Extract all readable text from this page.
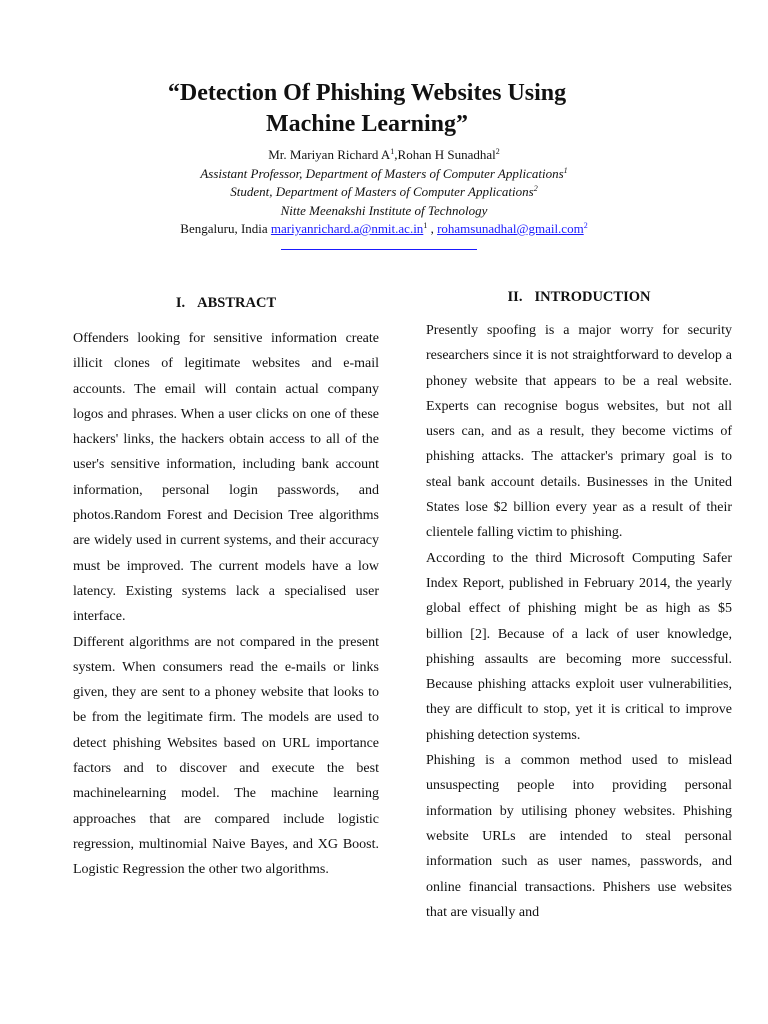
“Detection Of Phishing Websites Using
Machine Learning”
Mr. Mariyan Richard $A^1,Rohan$ H Sunadhal$^2$
Assistant Professor, Department of Masters of Computer Applications$^1$
Student, Department of Masters of Computer Applications$^2$
Nitte Meenakshi Institute of Technology
Bengaluru, India $mariyanrichard.a@nmit.ac.in^1$ , rohamsunadhal@gmail.com$^2$
I. ABSTRACT

Offenders looking for sensitive information create illicit clones of legitimate websites and e-mail accounts. The email will contain actual company logos and phrases. When a user clicks on one of these hackers' links, the hackers obtain access to all of the user's sensitive information, including bank account information, personal login passwords, and photos.Random Forest and Decision Tree algorithms are widely used in current systems, and their accuracy must be improved. The current models have a low latency. Existing systems lack a specialised user interface.

Different algorithms are not compared in the present system. When consumers read the e-mails or links given, they are sent to a phoney website that looks to be from the legitimate firm. The models are used to detect phishing Websites based on URL importance factors and to discover and execute the best machinelearning model. The machine learning approaches that are compared include logistic regression, multinomial Naive Bayes, and XG Boost. Logistic Regression the other two algorithms.

II. INTRODUCTION

Presently spoofing is a major worry for security researchers since it is not straightforward to develop a phoney website that appears to be a real website. Experts can recognise bogus websites, but not all users can, and as a result, they become victims of phishing attacks. The attacker's primary goal is to steal bank account details. Businesses in the United States lose $2 billion every year as a result of their clientele falling victim to phishing.

According to the third Microsoft Computing Safer Index Report, published in February 2014, the yearly global effect of phishing might be as high as $5 billion [2]. Because of a lack of user knowledge, phishing assaults are becoming more successful. Because phishing attacks exploit user vulnerabilities, they are difficult to stop, yet it is critical to improve phishing detection systems.

Phishing is a common method used to mislead unsuspecting people into providing personal information by utilising phoney websites. Phishing website URLs are intended to steal personal information such as user names, passwords, and online financial transactions. Phishers use websites that are visually and
